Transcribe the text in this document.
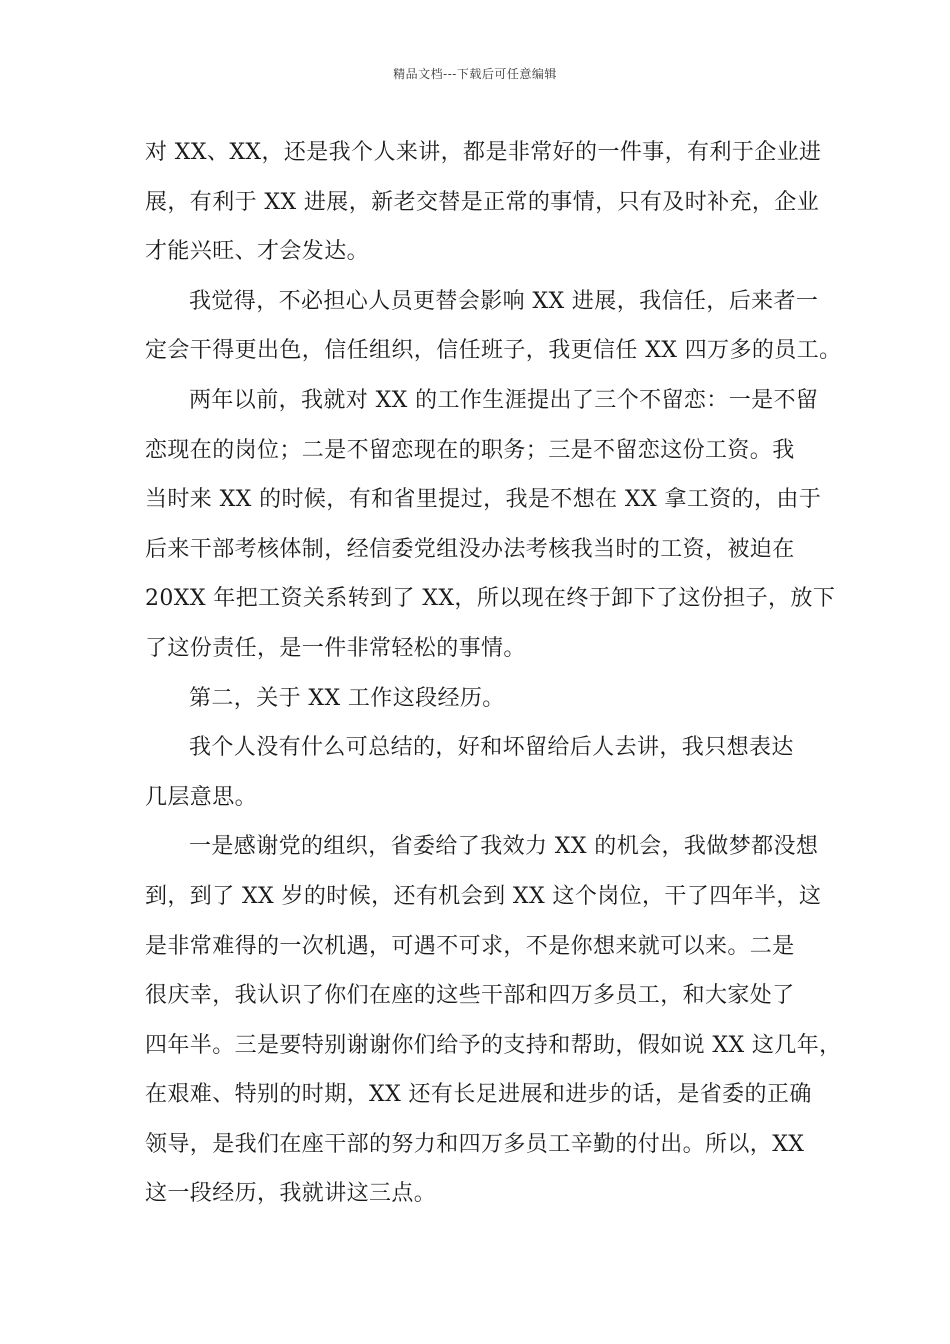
精品文档---下载后可任意编辑
对 XX、XX，还是我个人来讲，都是非常好的一件事，有利于企业进
展，有利于 XX 进展，新老交替是正常的事情，只有及时补充，企业
才能兴旺、才会发达。
我觉得，不必担心人员更替会影响 XX 进展，我信任，后来者一
定会干得更出色，信任组织，信任班子，我更信任 XX 四万多的员工。
两年以前，我就对 XX 的工作生涯提出了三个不留恋：一是不留
恋现在的岗位；二是不留恋现在的职务；三是不留恋这份工资。我
当时来 XX 的时候，有和省里提过，我是不想在 XX 拿工资的，由于
后来干部考核体制，经信委党组没办法考核我当时的工资，被迫在
20XX 年把工资关系转到了 XX，所以现在终于卸下了这份担子，放下
了这份责任，是一件非常轻松的事情。
第二，关于 XX 工作这段经历。
我个人没有什么可总结的，好和坏留给后人去讲，我只想表达
几层意思。
一是感谢党的组织，省委给了我效力 XX 的机会，我做梦都没想
到，到了 XX 岁的时候，还有机会到 XX 这个岗位，干了四年半，这
是非常难得的一次机遇，可遇不可求，不是你想来就可以来。二是
很庆幸，我认识了你们在座的这些干部和四万多员工，和大家处了
四年半。三是要特别谢谢你们给予的支持和帮助，假如说 XX 这几年，
在艰难、特别的时期，XX 还有长足进展和进步的话，是省委的正确
领导，是我们在座干部的努力和四万多员工辛勤的付出。所以，XX
这一段经历，我就讲这三点。
